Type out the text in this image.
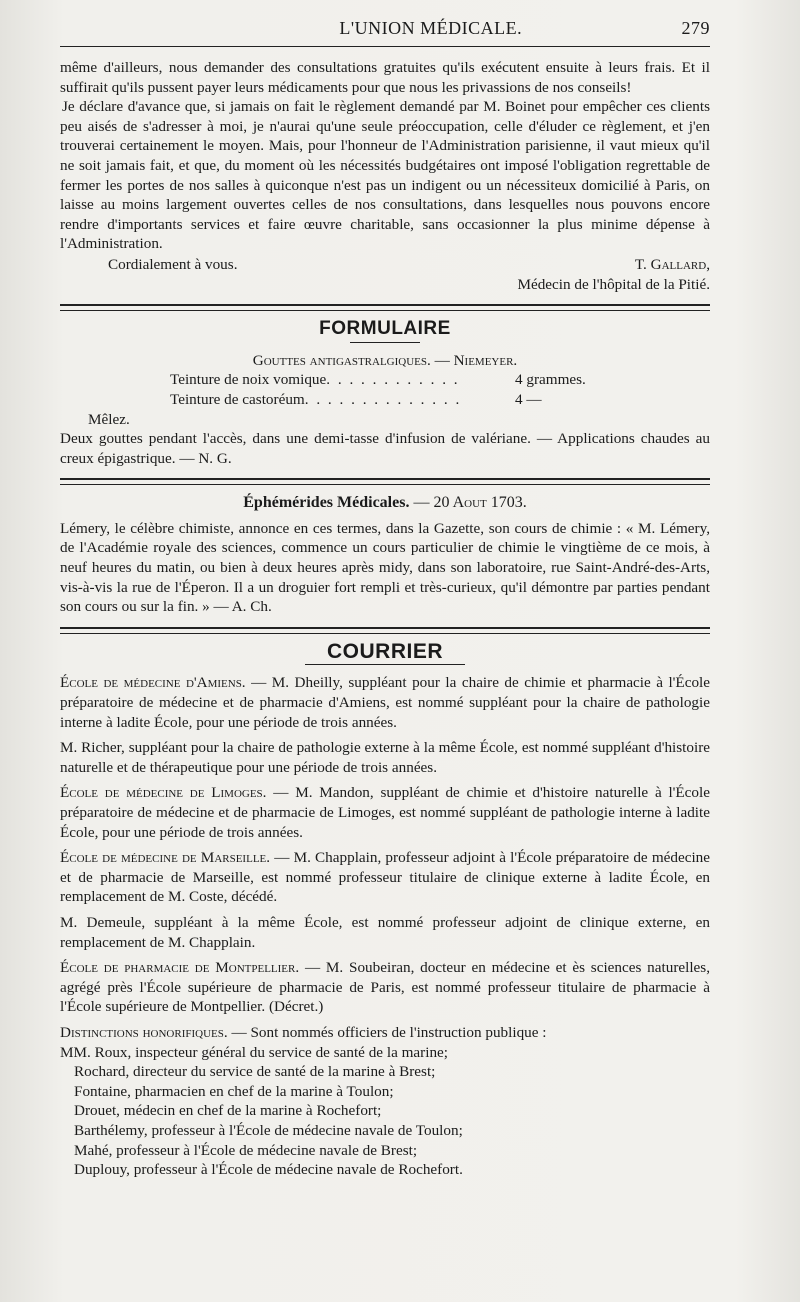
L'UNION MÉDICALE.	279

même d'ailleurs, nous demander des consultations gratuites qu'ils exécutent ensuite à leurs frais. Et il suffirait qu'ils pussent payer leurs médicaments pour que nous les privassions de nos conseils!

Je déclare d'avance que, si jamais on fait le règlement demandé par M. Boinet pour empêcher ces clients peu aisés de s'adresser à moi, je n'aurai qu'une seule préoccupation, celle d'éluder ce règlement, et j'en trouverai certainement le moyen. Mais, pour l'honneur de l'Administration parisienne, il vaut mieux qu'il ne soit jamais fait, et que, du moment où les nécessités budgétaires ont imposé l'obligation regrettable de fermer les portes de nos salles à quiconque n'est pas un indigent ou un nécessiteux domicilié à Paris, on laisse au moins largement ouvertes celles de nos consultations, dans lesquelles nous pouvons encore rendre d'importants services et faire œuvre charitable, sans occasionner la plus minime dépense à l'Administration.

Cordialement à vous.	T. Gallard,
Médecin de l'hôpital de la Pitié.
FORMULAIRE
Gouttes antigastralgiques. — Niemeyer.
Teinture de noix vomique . . . . . . . . . . . .	4 grammes.
Teinture de castoréum . . . . . . . . . . . . . .	4 —
Mêlez.

Deux gouttes pendant l'accès, dans une demi-tasse d'infusion de valériane. — Applications chaudes au creux épigastrique. — N. G.

Éphémérides Médicales. — 20 Aout 1703.

Lémery, le célèbre chimiste, annonce en ces termes, dans la Gazette, son cours de chimie : « M. Lémery, de l'Académie royale des sciences, commence un cours particulier de chimie le vingtième de ce mois, à neuf heures du matin, ou bien à deux heures après midy, dans son laboratoire, rue Saint-André-des-Arts, vis-à-vis la rue de l'Éperon. Il a un droguier fort rempli et très-curieux, qu'il démontre par parties pendant son cours ou sur la fin. » — A. Ch.

COURRIER

École de médecine d'Amiens. — M. Dheilly, suppléant pour la chaire de chimie et pharmacie à l'École préparatoire de médecine et de pharmacie d'Amiens, est nommé suppléant pour la chaire de pathologie interne à ladite École, pour une période de trois années.

M. Richer, suppléant pour la chaire de pathologie externe à la même École, est nommé suppléant d'histoire naturelle et de thérapeutique pour une période de trois années.

École de médecine de Limoges. — M. Mandon, suppléant de chimie et d'histoire naturelle à l'École préparatoire de médecine et de pharmacie de Limoges, est nommé suppléant de pathologie interne à ladite École, pour une période de trois années.

École de médecine de Marseille. — M. Chapplain, professeur adjoint à l'École préparatoire de médecine et de pharmacie de Marseille, est nommé professeur titulaire de clinique externe à ladite École, en remplacement de M. Coste, décédé.

M. Demeule, suppléant à la même École, est nommé professeur adjoint de clinique externe, en remplacement de M. Chapplain.

École de pharmacie de Montpellier. — M. Soubeiran, docteur en médecine et ès sciences naturelles, agrégé près l'École supérieure de pharmacie de Paris, est nommé professeur titulaire de pharmacie à l'École supérieure de Montpellier. (Décret.)

Distinctions honorifiques. — Sont nommés officiers de l'instruction publique :

MM. Roux, inspecteur général du service de santé de la marine;
Rochard, directeur du service de santé de la marine à Brest;
Fontaine, pharmacien en chef de la marine à Toulon;
Drouet, médecin en chef de la marine à Rochefort;
Barthélemy, professeur à l'École de médecine navale de Toulon;
Mahé, professeur à l'École de médecine navale de Brest;
Duplouy, professeur à l'École de médecine navale de Rochefort.
